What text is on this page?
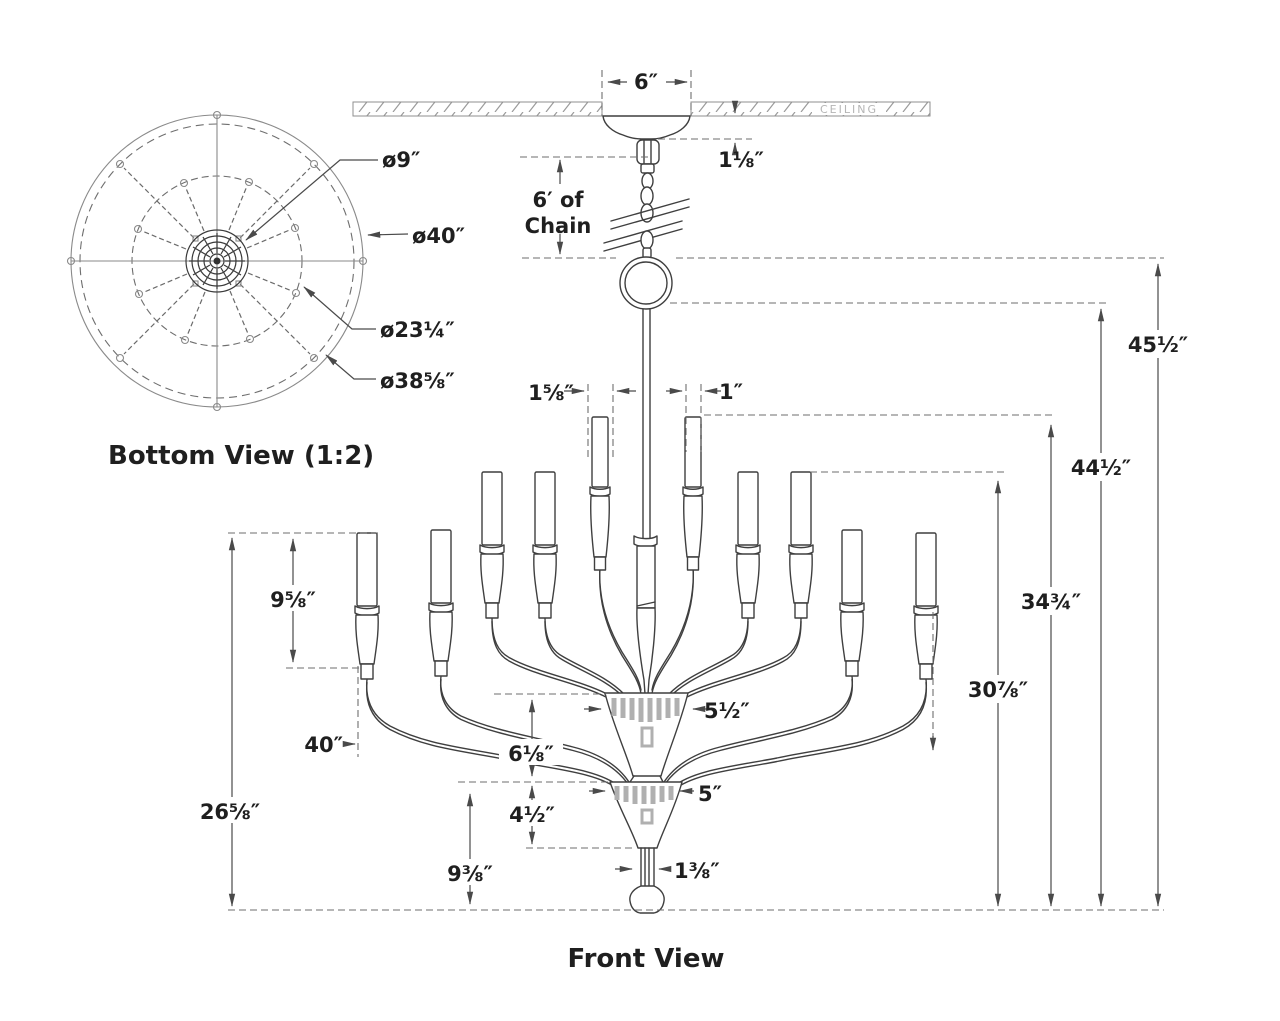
ø9″
ø40″
ø23¼″
ø38⅝″
Bottom View (1:2)
CEILING
6″
1⅛″
6′ of
Chain
45½″
44½″
34¾″
30⅞″
1⅝″	1″
9⅝″
40″
26⅝″
5½″
6⅛″
5″
4½″
9⅜″	1⅜″
Front View
